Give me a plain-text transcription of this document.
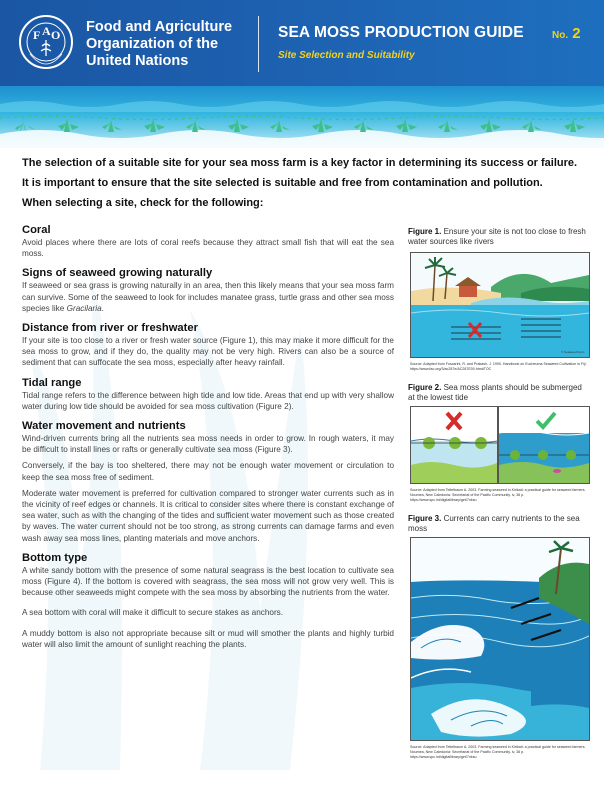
F A O Food and Agriculture
Organization of the
United Nations
SEA MOSS PRODUCTION GUIDE	No. 2
Site Selection and Suitability

The selection of a suitable site for your sea moss farm is a key factor in determining its success or failure.

It is important to ensure that the site selected is suitable and free from contamination and pollution.

When selecting a site, check for the following:

Coral

Avoid places where there are lots of coral reefs because they attract small fish that will eat the sea moss.

Signs of seaweed growing naturally

If seaweed or sea grass is growing naturally in an area, then this likely means that your sea moss farm can survive. Some of the seaweed to look for includes manatee grass, turtle grass and other sea moss species like Gracilaria.

Distance from river or freshwater

If your site is too close to a river or fresh water source (Figure 1), this may make it more difficult for the sea moss to grow, and if they do, the quality may not be very high. Rivers can also be a source of sediment that can suffocate the sea moss, especially after heavy rainfall.

Tidal range

Tidal range refers to the difference between high tide and low tide. Areas that end up with very shallow water during low tide should be avoided for sea moss cultivation (Figure 2).

Water movement and nutrients

Wind-driven currents bring all the nutrients sea moss needs in order to grow. In rough waters, it may be difficult to install lines or rafts or generally cultivate sea moss (Figure 3).

Conversely, if the bay is too sheltered, there may not be enough water movement or circulation to keep the sea moss free of sediment.

Moderate water movement is preferred for cultivation compared to stronger water currents such as in the vicinity of reef edges or channels. It is critical to consider sites where there is constant exchange of sea water, such as with the changing of the tides and sufficient water movement such as those created by waves. The water current should not be too strong, as strong currents can damage farms and even wash away sea moss lines, planting materials and move anchors.

Bottom type

A white sandy bottom with the presence of some natural seagrass is the best location to cultivate sea moss (Figure 4). If the bottom is covered with seagrass, the sea moss will not grow very well. This is because other seaweeds might compete with the sea moss by absorbing the nutrients from the water.

A sea bottom with coral will make it difficult to secure stakes as anchors.

A muddy bottom is also not appropriate because silt or mud will smother the plants and highly turbid water will also limit the amount of sunlight reaching the plants.

Figure 1. Ensure your site is not too close to fresh water sources like rivers
© Seaweed Farm
Source: Adapted from Foscarini, R. and Prakash, J. 1990. Handbook on Eucheuma Seaweed Cultivation in Fiji. https://www.fao.org/3/ac287e/AC287E00.htm#TOC
Figure 2. Sea moss plants should be submerged at the lowest tide
Source: Adapted from Teitelbaum A. 2003. Farming seaweed in Kiribati: a practical guide for seaweed farmers. Noumea, New Caledonia: Secretariat of the Pacific Community. iv, 38 p. https://www.spc.int/digitallibrary/get/7nksu
Figure 3. Currents can carry nutrients to the sea moss
Source: Adapted from Teitelbaum A. 2003. Farming seaweed in Kiribati: a practical guide for seaweed farmers. Noumea, New Caledonia: Secretariat of the Pacific Community. iv, 38 p. https://www.spc.int/digitallibrary/get/7nksu
